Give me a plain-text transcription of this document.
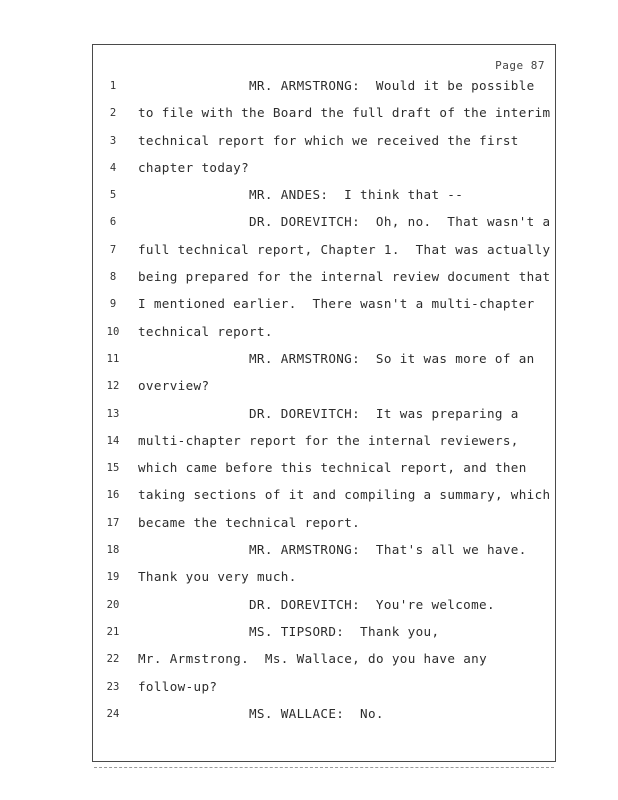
Page 87
1	MR. ARMSTRONG:  Would it be possible
2	to file with the Board the full draft of the interim
3	technical report for which we received the first
4	chapter today?
5	MR. ANDES:  I think that --
6	DR. DOREVITCH:  Oh, no.  That wasn't a
7	full technical report, Chapter 1.  That was actually
8	being prepared for the internal review document that
9	I mentioned earlier.  There wasn't a multi-chapter
10	technical report.
11	MR. ARMSTRONG:  So it was more of an
12	overview?
13	DR. DOREVITCH:  It was preparing a
14	multi-chapter report for the internal reviewers,
15	which came before this technical report, and then
16	taking sections of it and compiling a summary, which
17	became the technical report.
18	MR. ARMSTRONG:  That's all we have.
19	Thank you very much.
20	DR. DOREVITCH:  You're welcome.
21	MS. TIPSORD:  Thank you,
22	Mr. Armstrong.  Ms. Wallace, do you have any
23	follow-up?
24	MS. WALLACE:  No.
